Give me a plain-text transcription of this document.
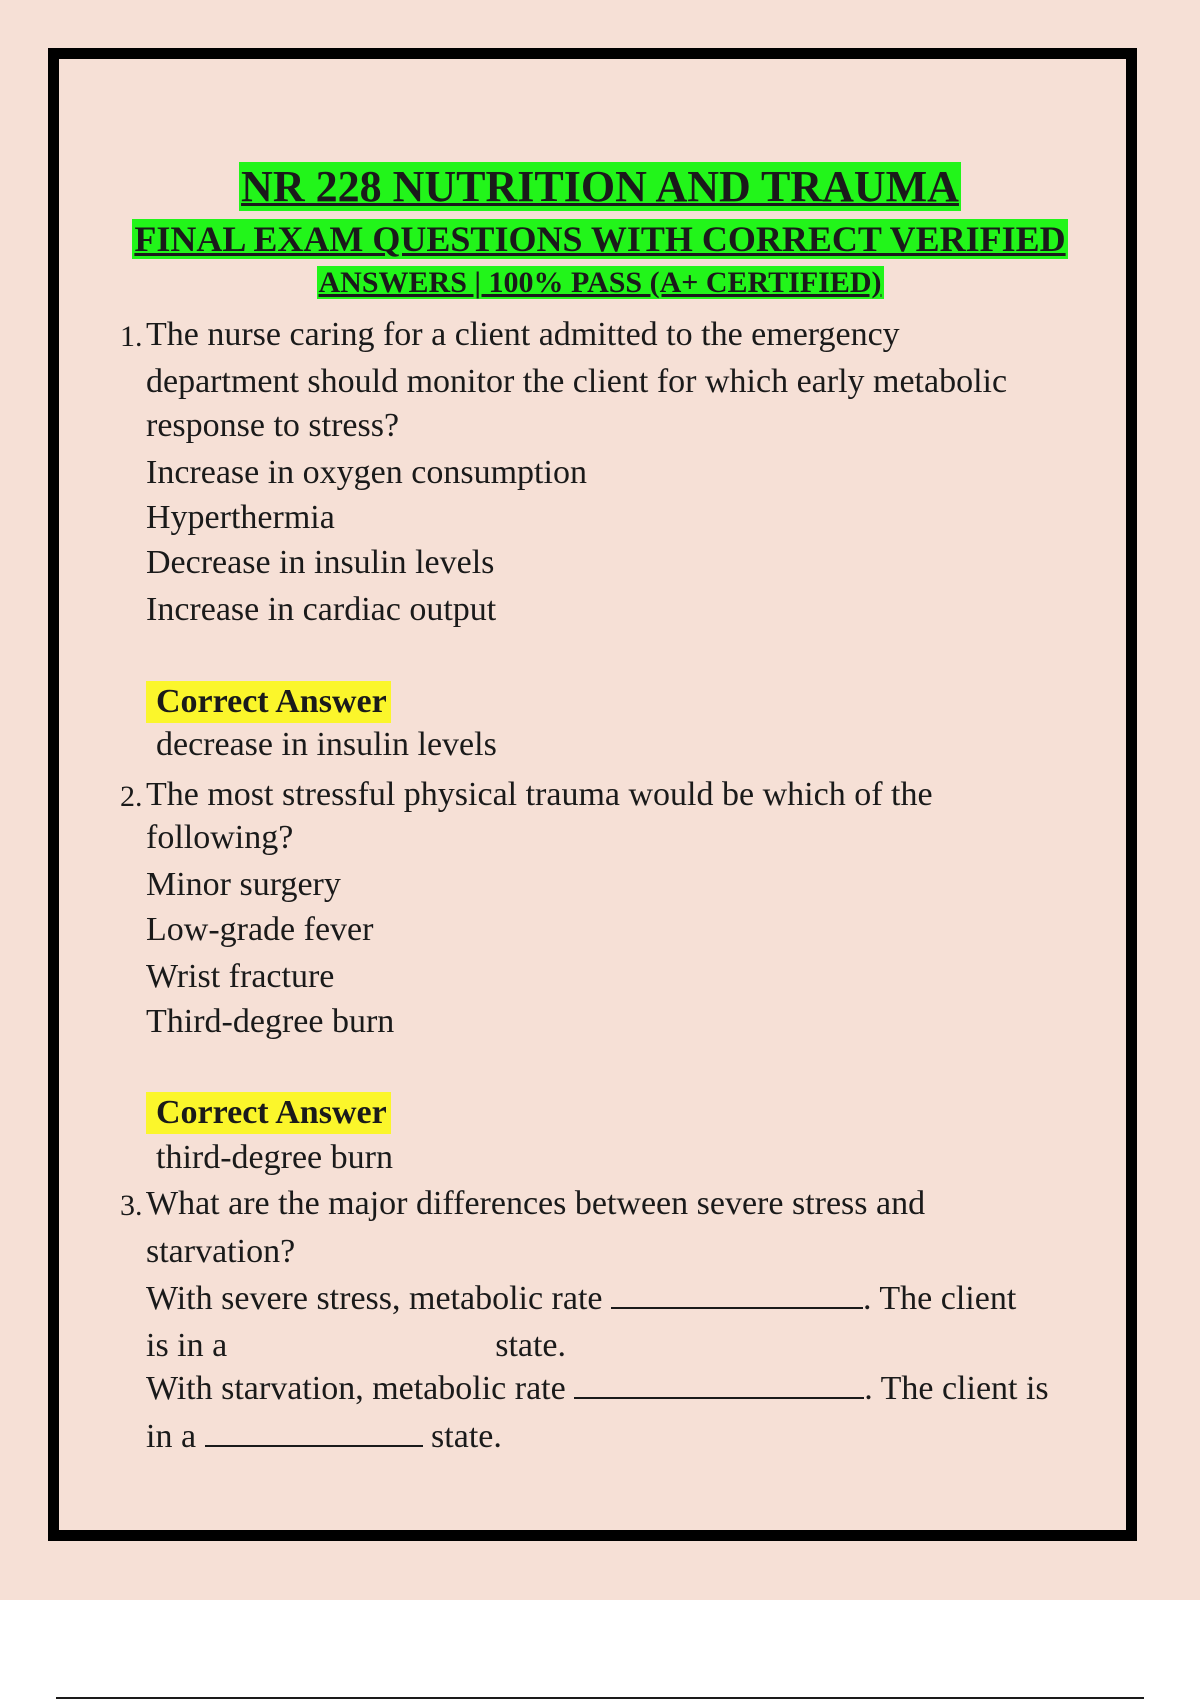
NR 228 NUTRITION AND TRAUMA
FINAL EXAM QUESTIONS WITH CORRECT VERIFIED
ANSWERS | 100% PASS (A+ CERTIFIED)
1. The nurse caring for a client admitted to the emergency
department should monitor the client for which early metabolic
response to stress?
Increase in oxygen consumption
Hyperthermia
Decrease in insulin levels
Increase in cardiac output
Correct Answer
decrease in insulin levels
2. The most stressful physical trauma would be which of the
following?
Minor surgery
Low-grade fever
Wrist fracture
Third-degree burn
Correct Answer
third-degree burn
3. What are the major differences between severe stress and
starvation?
With severe stress, metabolic rate	. The client
is in a	state.
With starvation, metabolic rate	. The client is
in a	state.
